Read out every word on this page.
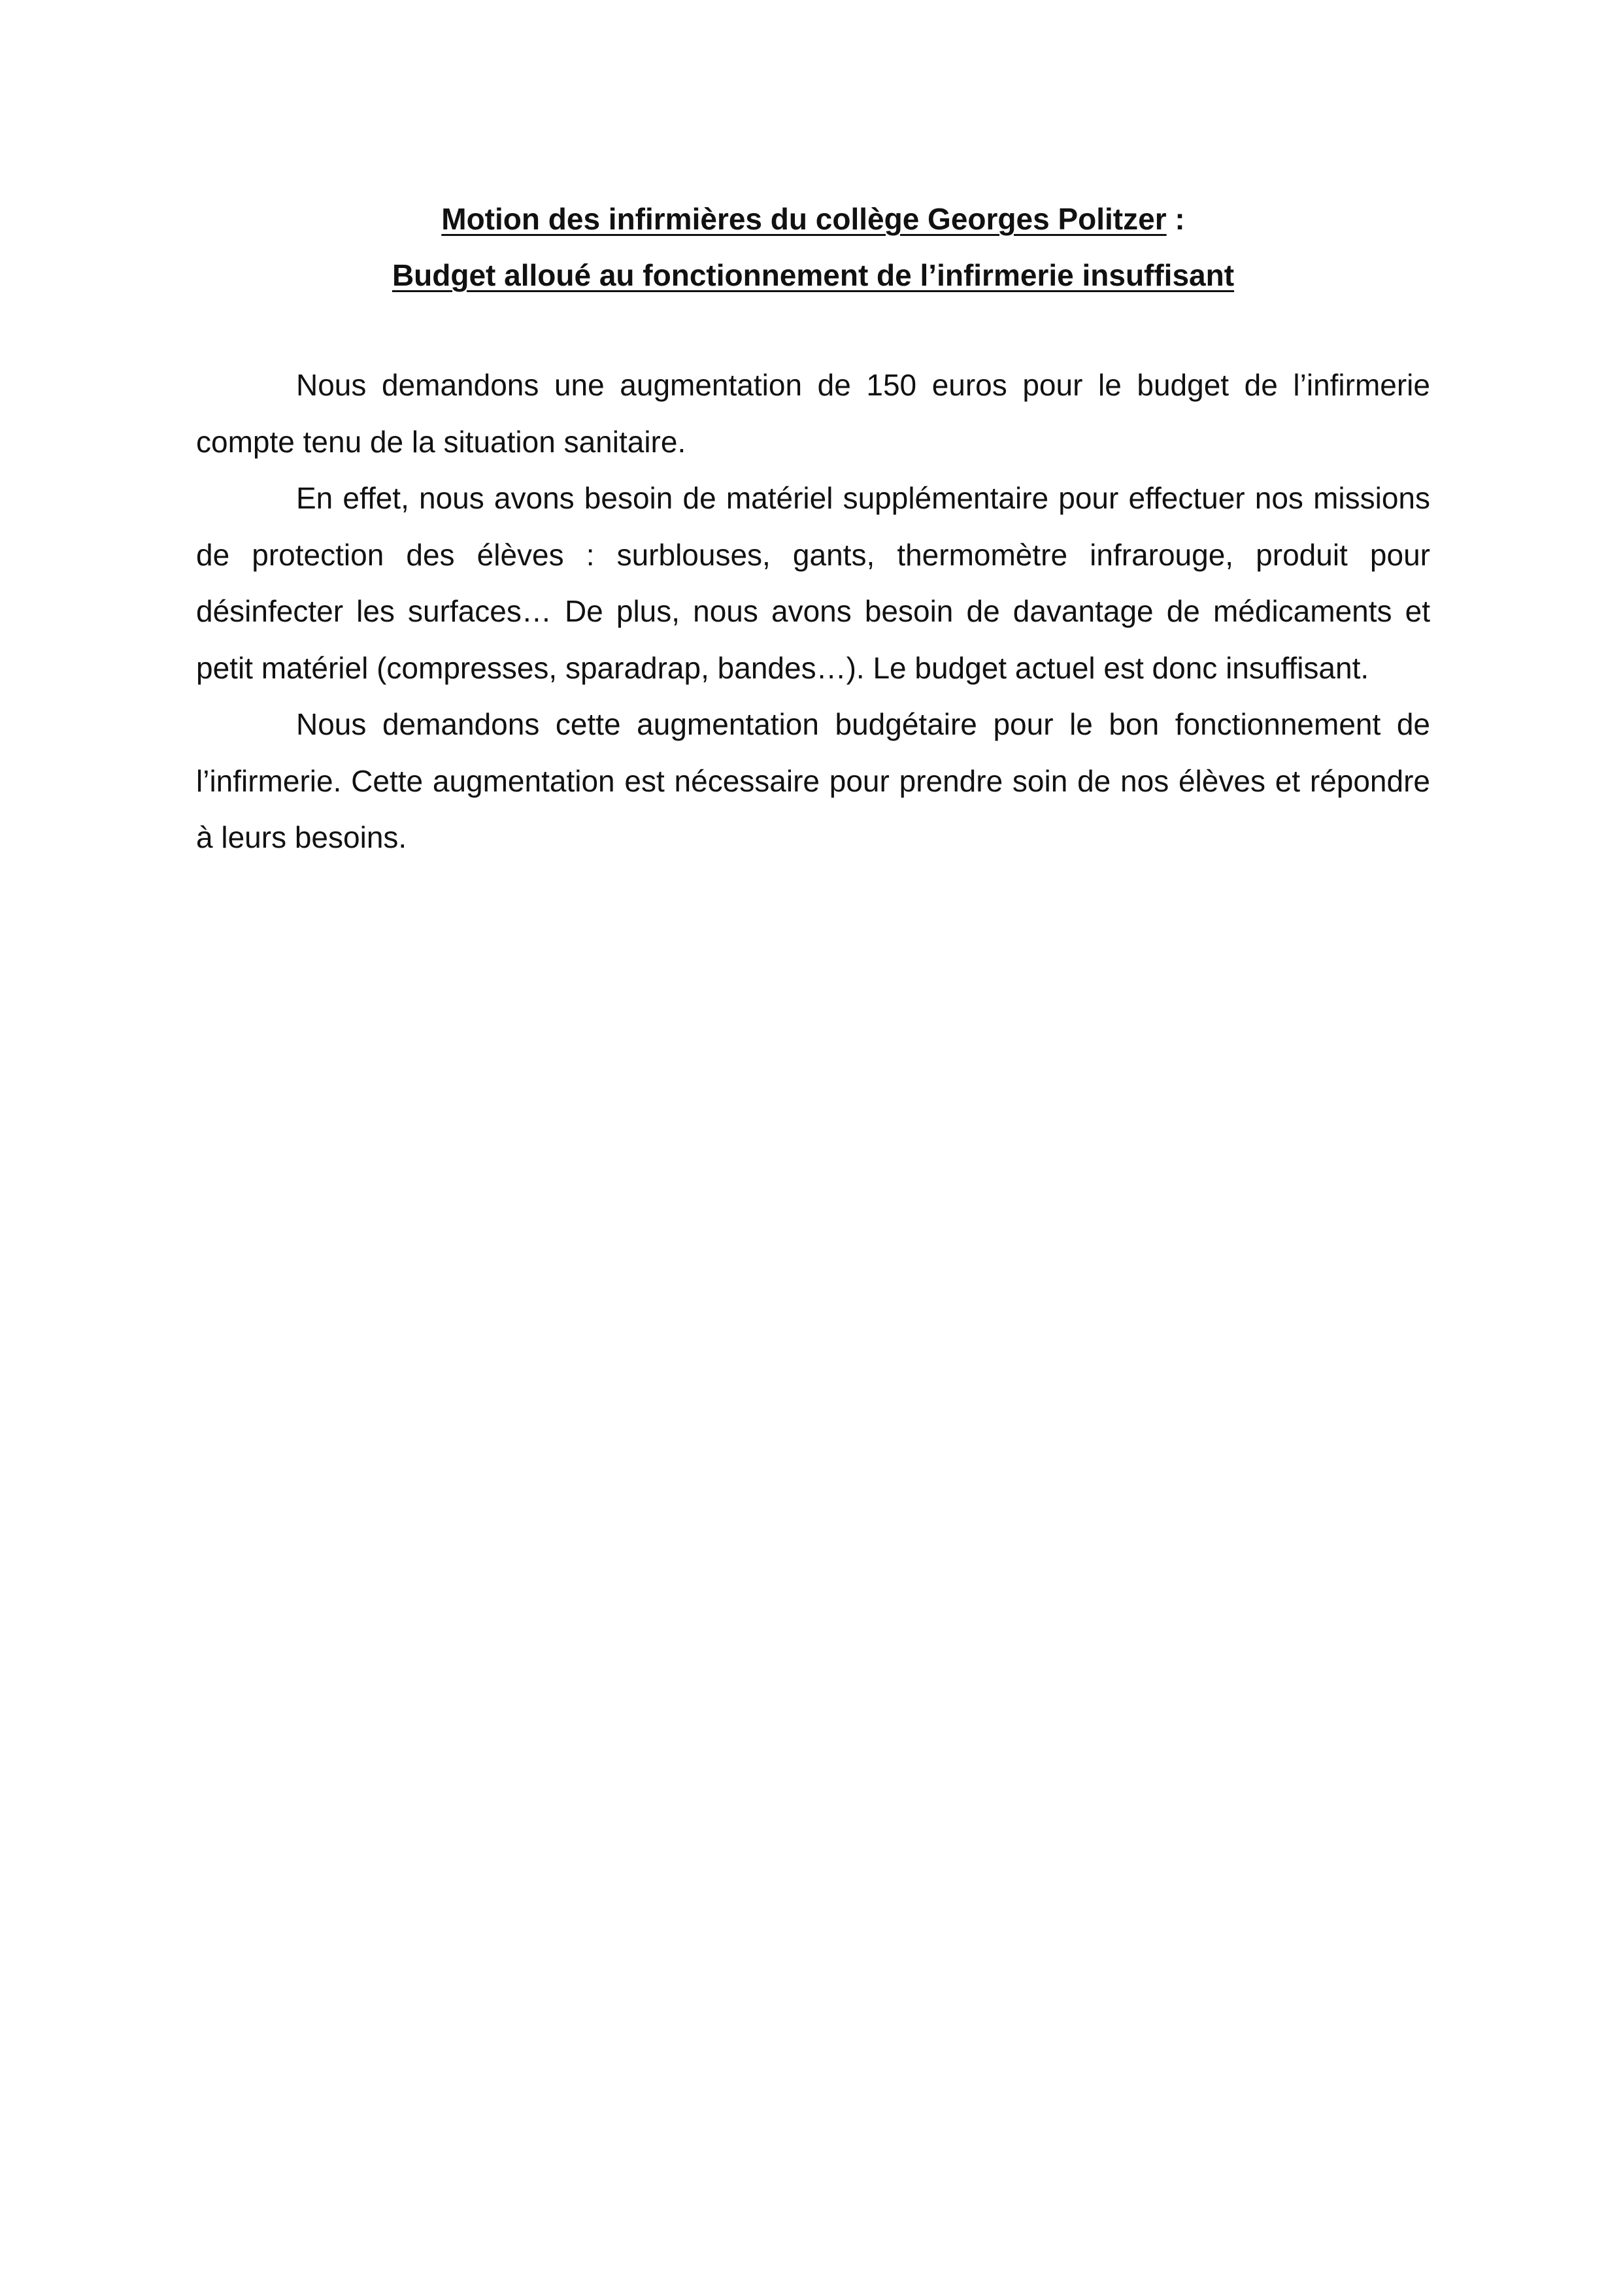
Motion des infirmières du collège Georges Politzer :
Budget alloué au fonctionnement de l’infirmerie insuffisant

Nous demandons une augmentation de 150 euros pour le budget de l’infirmerie compte tenu de la situation sanitaire.

En effet, nous avons besoin de matériel supplémentaire pour effectuer nos missions de protection des élèves : surblouses, gants, thermomètre infrarouge, produit pour désinfecter les surfaces… De plus, nous avons besoin de davantage de médicaments et petit matériel (compresses, sparadrap, bandes…). Le budget actuel est donc insuffisant.

Nous demandons cette augmentation budgétaire pour le bon fonctionnement de l’infirmerie. Cette augmentation est nécessaire pour prendre soin de nos élèves et répondre à leurs besoins.
